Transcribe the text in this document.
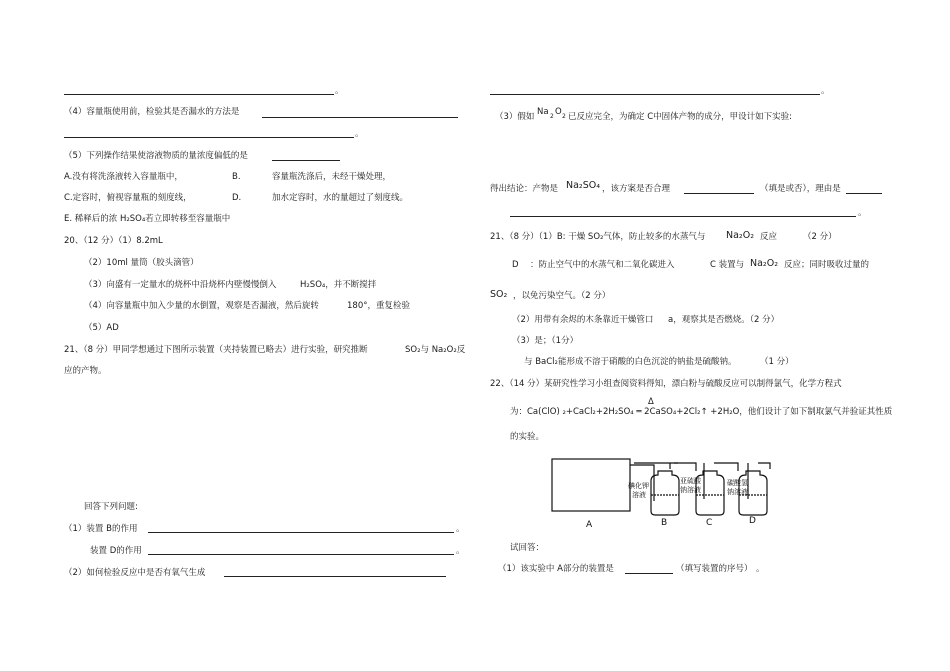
。
（4）容量瓶使用前，检验其是否漏水的方法是
。
（5）下列操作结果使溶液物质的量浓度偏低的是
A.没有将洗涤液转入容量瓶中，	B.	容量瓶洗涤后，未经干燥处理，
C.定容时，俯视容量瓶的刻度线，	D.	加水定容时，水的量超过了刻度线。
E. 稀释后的浓 H₂SO₄若立即转移至容量瓶中
20、（12 分）（1）8.2mL
（2）10ml 量筒（胶头滴管）
（3）向盛有一定量水的烧杯中沿烧杯内壁慢慢倒入	H₂SO₄，并不断搅拌
（4）向容量瓶中加入少量的水倒置，观察是否漏液，然后旋转	180°，重复检验
（5）AD
21、（8 分）甲同学想通过下图所示装置（夹持装置已略去）进行实验，研究推断	SO₂与 Na₂O₂反
应的产物。
回答下列问题:
（1）装置 B的作用	。
装置 D的作用	。
（2）如何检验反应中是否有氧气生成
。
（3）假如 Na 2 O 2 已反应完全，为确定 C中固体产物的成分，甲设计如下实验:
得出结论：产物是 Na₂SO₄ ，该方案是否合理	（填是或否），理由是
。
21、（8 分）（1）B: 干燥 SO₂气体，防止较多的水蒸气与 Na₂O₂ 反应	（2 分）
D ：防止空气中的水蒸气和二氧化碳进入	C 装置与 Na₂O₂ 反应；同时吸收过量的
SO₂ ，以免污染空气。（2 分）
（2）用带有余烬的木条靠近干燥管口 a，观察其是否燃烧。（2 分）
（3）是；（1分）
与 BaCl₂能形成不溶于硝酸的白色沉淀的钠盐是硫酸钠。	（1 分）
22、（14 分）某研究性学习小组查阅资料得知，漂白粉与硫酸反应可以制得氯气，化学方程式
Δ
为：Ca(ClO) ₂+CaCl₂+2H₂SO₄ ═ 2CaSO₄+2Cl₂↑ +2H₂O，他们设计了如下制取氯气并验证其性质
的实验。
碘化钾
溶液
亚硫酸
钠溶液
碳酸氢
钠溶液
A	B	C	D
试回答：
（1）该实验中 A部分的装置是	（填写装置的序号） 。
